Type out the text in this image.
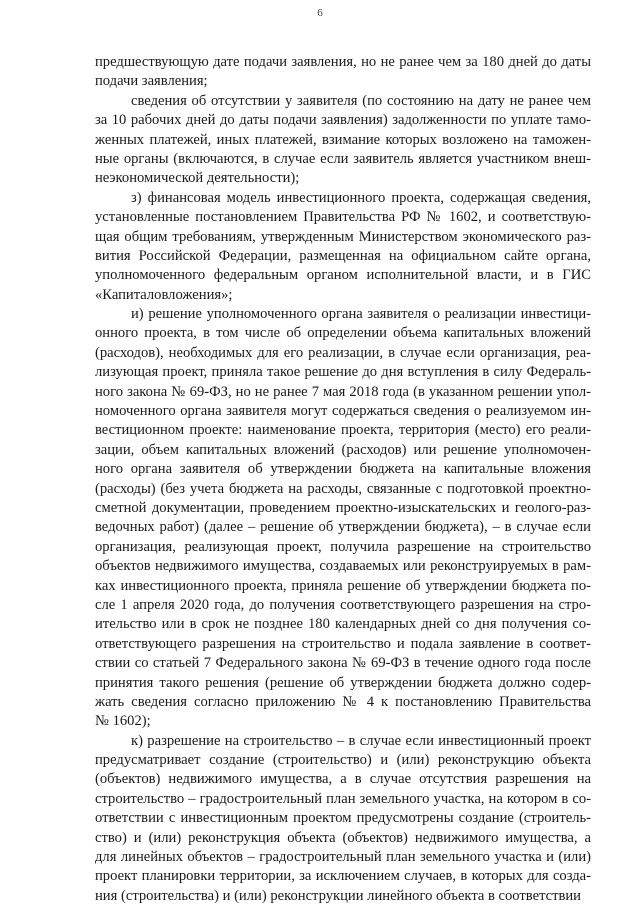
6
предшествующую дате подачи заявления, но не ранее чем за 180 дней до даты
подачи заявления;
сведения об отсутствии у заявителя (по состоянию на дату не ранее чем
за 10 рабочих дней до даты подачи заявления) задолженности по уплате тамо-
женных платежей, иных платежей, взимание которых возложено на таможен-
ные органы (включаются, в случае если заявитель является участником внеш-
неэкономической деятельности);
з) финансовая модель инвестиционного проекта, содержащая сведения,
установленные постановлением Правительства РФ № 1602, и соответствую-
щая общим требованиям, утвержденным Министерством экономического раз-
вития Российской Федерации, размещенная на официальном сайте органа,
уполномоченного федеральным органом исполнительной власти, и в ГИС
«Капиталовложения»;
и) решение уполномоченного органа заявителя о реализации инвестици-
онного проекта, в том числе об определении объема капитальных вложений
(расходов), необходимых для его реализации, в случае если организация, реа-
лизующая проект, приняла такое решение до дня вступления в силу Федераль-
ного закона № 69-ФЗ, но не ранее 7 мая 2018 года (в указанном решении упол-
номоченного органа заявителя могут содержаться сведения о реализуемом ин-
вестиционном проекте: наименование проекта, территория (место) его реали-
зации, объем капитальных вложений (расходов) или решение уполномочен-
ного органа заявителя об утверждении бюджета на капитальные вложения
(расходы) (без учета бюджета на расходы, связанные с подготовкой проектно-
сметной документации, проведением проектно-изыскательских и геолого-раз-
ведочных работ) (далее – решение об утверждении бюджета), – в случае если
организация, реализующая проект, получила разрешение на строительство
объектов недвижимого имущества, создаваемых или реконструируемых в рам-
ках инвестиционного проекта, приняла решение об утверждении бюджета по-
сле 1 апреля 2020 года, до получения соответствующего разрешения на стро-
ительство или в срок не позднее 180 календарных дней со дня получения со-
ответствующего разрешения на строительство и подала заявление в соответ-
ствии со статьей 7 Федерального закона № 69-ФЗ в течение одного года после
принятия такого решения (решение об утверждении бюджета должно содер-
жать сведения согласно приложению № 4 к постановлению Правительства
№ 1602);
к) разрешение на строительство – в случае если инвестиционный проект
предусматривает создание (строительство) и (или) реконструкцию объекта
(объектов) недвижимого имущества, а в случае отсутствия разрешения на
строительство – градостроительный план земельного участка, на котором в со-
ответствии с инвестиционным проектом предусмотрены создание (строитель-
ство) и (или) реконструкция объекта (объектов) недвижимого имущества, а
для линейных объектов – градостроительный план земельного участка и (или)
проект планировки территории, за исключением случаев, в которых для созда-
ния (строительства) и (или) реконструкции линейного объекта в соответствии
